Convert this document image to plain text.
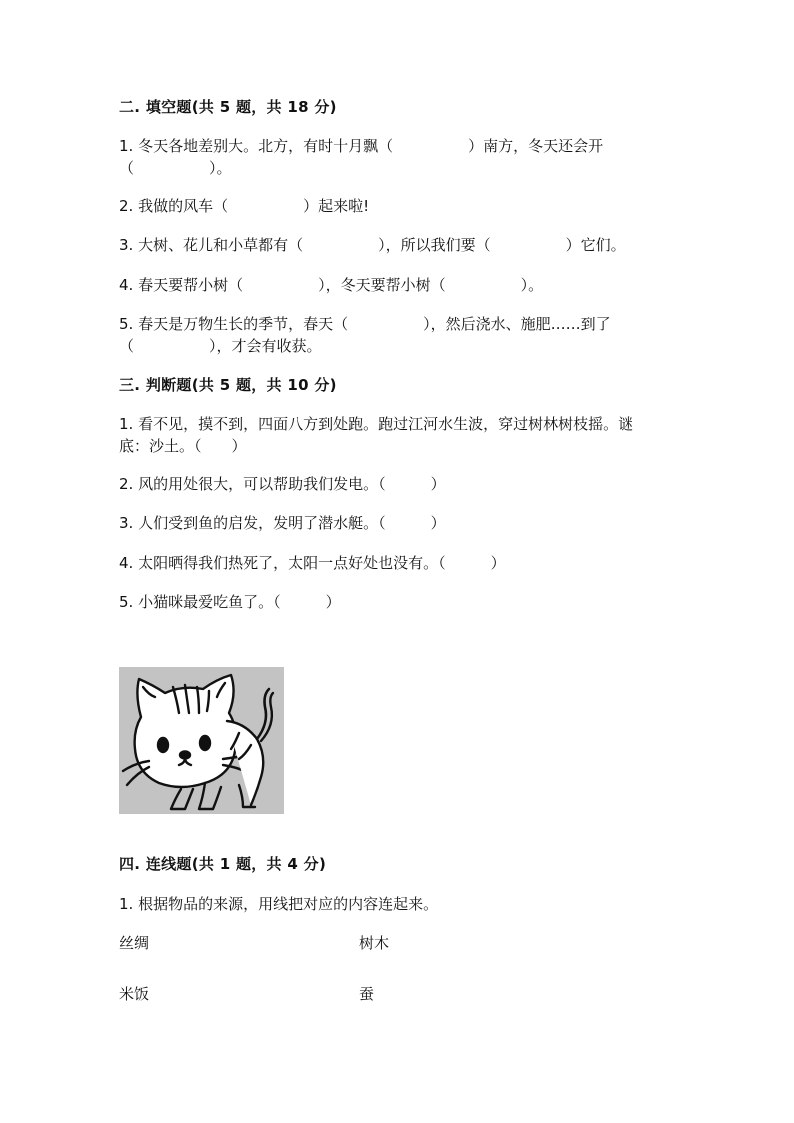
二. 填空题(共 5 题，共 18 分)
1. 冬天各地差别大。北方，有时十月飘（　　　　　）南方，冬天还会开
（　　　　　）。
2. 我做的风车（　　　　　）起来啦!
3. 大树、花儿和小草都有（　　　　　），所以我们要（　　　　　）它们。
4. 春天要帮小树（　　　　　），冬天要帮小树（　　　　　）。
5. 春天是万物生长的季节，春天（　　　　　），然后浇水、施肥……到了
（　　　　　），才会有收获。
三. 判断题(共 5 题，共 10 分)
1. 看不见，摸不到，四面八方到处跑。跑过江河水生波，穿过树林树枝摇。谜
底：沙土。（　　）
2. 风的用处很大，可以帮助我们发电。（　　　）
3. 人们受到鱼的启发，发明了潜水艇。（　　　）
4. 太阳晒得我们热死了，太阳一点好处也没有。（　　　）
5. 小猫咪最爱吃鱼了。（　　　）
四. 连线题(共 1 题，共 4 分)
1. 根据物品的来源，用线把对应的内容连起来。
丝绸
米饭
树木
蚕
